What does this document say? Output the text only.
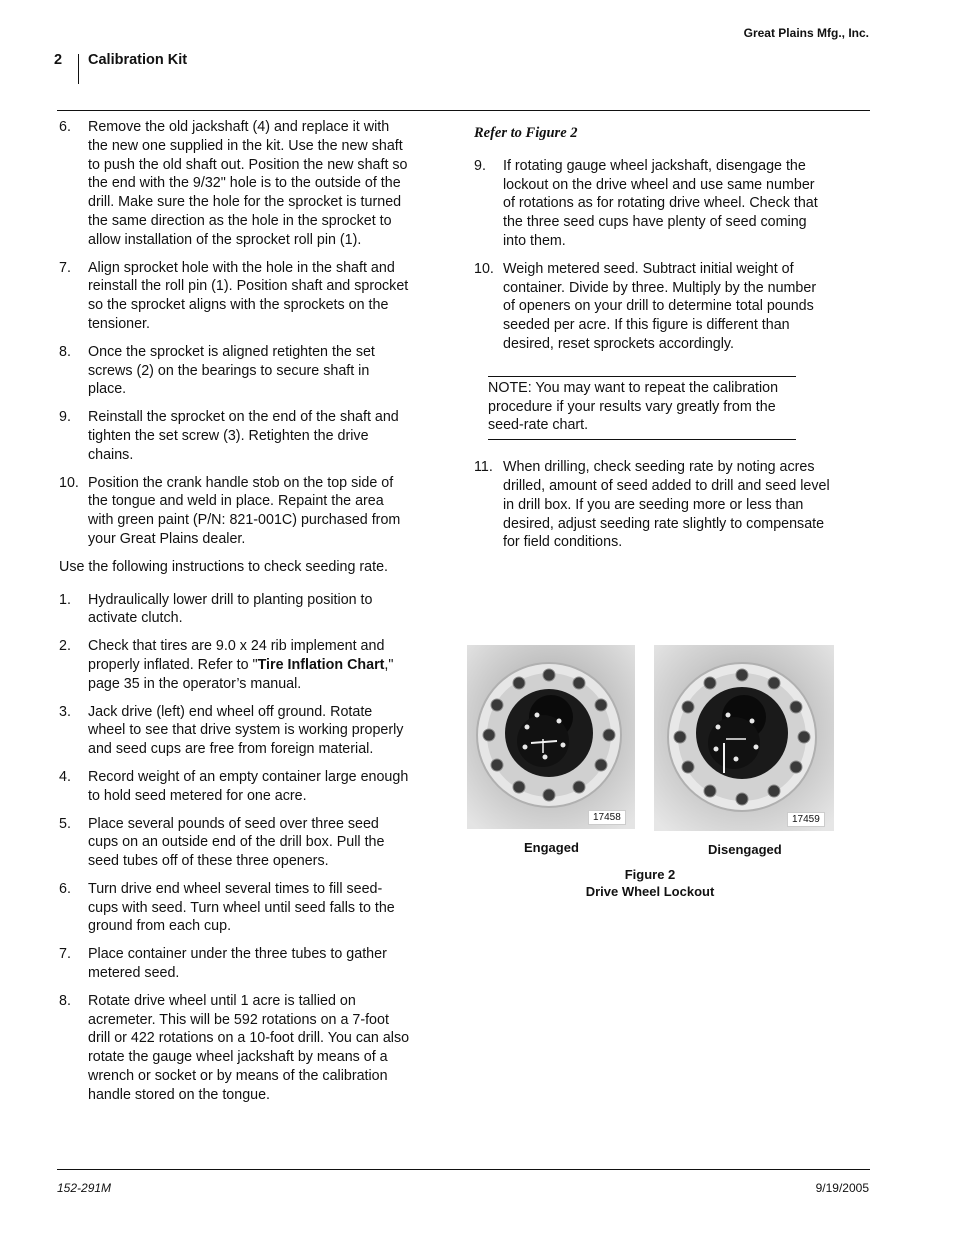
Great Plains Mfg., Inc.
2 Calibration Kit
6. Remove the old jackshaft (4) and replace it with the new one supplied in the kit. Use the new shaft to push the old shaft out. Position the new shaft so the end with the 9/32" hole is to the outside of the drill. Make sure the hole for the sprocket is turned the same direction as the hole in the sprocket to allow installation of the sprocket roll pin (1).
7. Align sprocket hole with the hole in the shaft and reinstall the roll pin (1). Position shaft and sprocket so the sprocket aligns with the sprockets on the tensioner.
8. Once the sprocket is aligned retighten the set screws (2) on the bearings to secure shaft in place.
9. Reinstall the sprocket on the end of the shaft and tighten the set screw (3). Retighten the drive chains.
10. Position the crank handle stob on the top side of the tongue and weld in place. Repaint the area with green paint (P/N: 821-001C) purchased from your Great Plains dealer.

Use the following instructions to check seeding rate.

1. Hydraulically lower drill to planting position to activate clutch.
2. Check that tires are 9.0 x 24 rib implement and properly inflated. Refer to "Tire Inflation Chart," page 35 in the operator’s manual.
3. Jack drive (left) end wheel off ground. Rotate wheel to see that drive system is working properly and seed cups are free from foreign material.
4. Record weight of an empty container large enough to hold seed metered for one acre.
5. Place several pounds of seed over three seed cups on an outside end of the drill box. Pull the seed tubes off of these three openers.
6. Turn drive end wheel several times to fill seed-cups with seed. Turn wheel until seed falls to the ground from each cup.
7. Place container under the three tubes to gather metered seed.
8. Rotate drive wheel until 1 acre is tallied on acremeter. This will be 592 rotations on a 7-foot drill or 422 rotations on a 10-foot drill. You can also rotate the gauge wheel jackshaft by means of a wrench or socket or by means of the calibration handle stored on the tongue.
Refer to Figure 2
9. If rotating gauge wheel jackshaft, disengage the lockout on the drive wheel and use same number of rotations as for rotating drive wheel. Check that the three seed cups have plenty of seed coming into them.
10. Weigh metered seed. Subtract initial weight of container. Divide by three. Multiply by the number of openers on your drill to determine total pounds seeded per acre. If this figure is different than desired, reset sprockets accordingly.
NOTE: You may want to repeat the calibration procedure if your results vary greatly from the seed-rate chart.
11. When drilling, check seeding rate by noting acres drilled, amount of seed added to drill and seed level in drill box. If you are seeding more or less than desired, adjust seeding rate slightly to compensate for field conditions.
17458	17459
Engaged	Disengaged
Figure 2
Drive Wheel Lockout
152-291M	9/19/2005
